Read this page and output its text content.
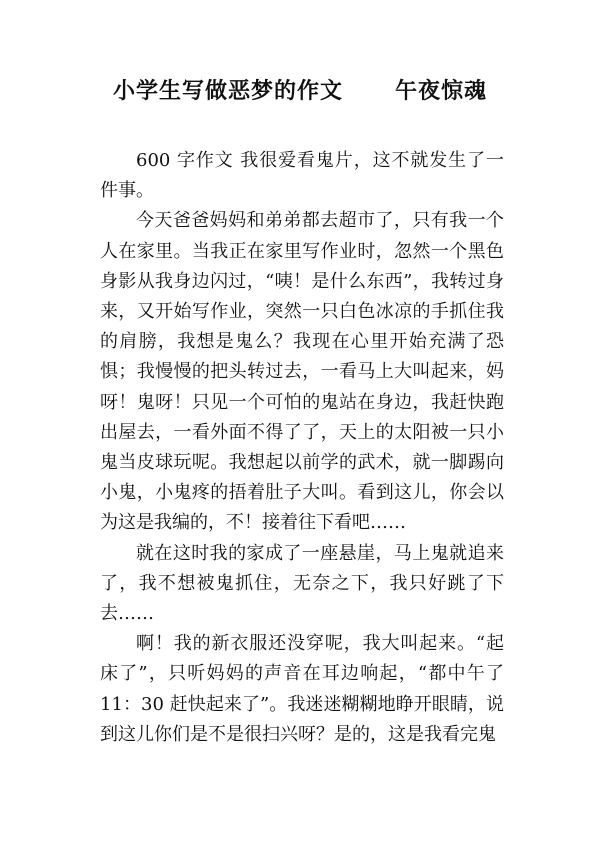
小学生写做恶梦的作文      午夜惊魂

600 字作文 我很爱看鬼片，这不就发生了一件事。

今天爸爸妈妈和弟弟都去超市了，只有我一个人在家里。当我正在家里写作业时，忽然一个黑色身影从我身边闪过，“咦！是什么东西”，我转过身来，又开始写作业，突然一只白色冰凉的手抓住我的肩膀，我想是鬼么？我现在心里开始充满了恐惧；我慢慢的把头转过去，一看马上大叫起来，妈呀！鬼呀！只见一个可怕的鬼站在身边，我赶快跑出屋去，一看外面不得了了，天上的太阳被一只小鬼当皮球玩呢。我想起以前学的武术，就一脚踢向小鬼，小鬼疼的捂着肚子大叫。看到这儿，你会以为这是我编的，不！接着往下看吧……

就在这时我的家成了一座悬崖，马上鬼就追来了，我不想被鬼抓住，无奈之下，我只好跳了下去……

啊！我的新衣服还没穿呢，我大叫起来。“起床了”，只听妈妈的声音在耳边响起，“都中午了 11：30 赶快起来了”。我迷迷糊糊地睁开眼睛，说到这儿你们是不是很扫兴呀？是的，这是我看完鬼
